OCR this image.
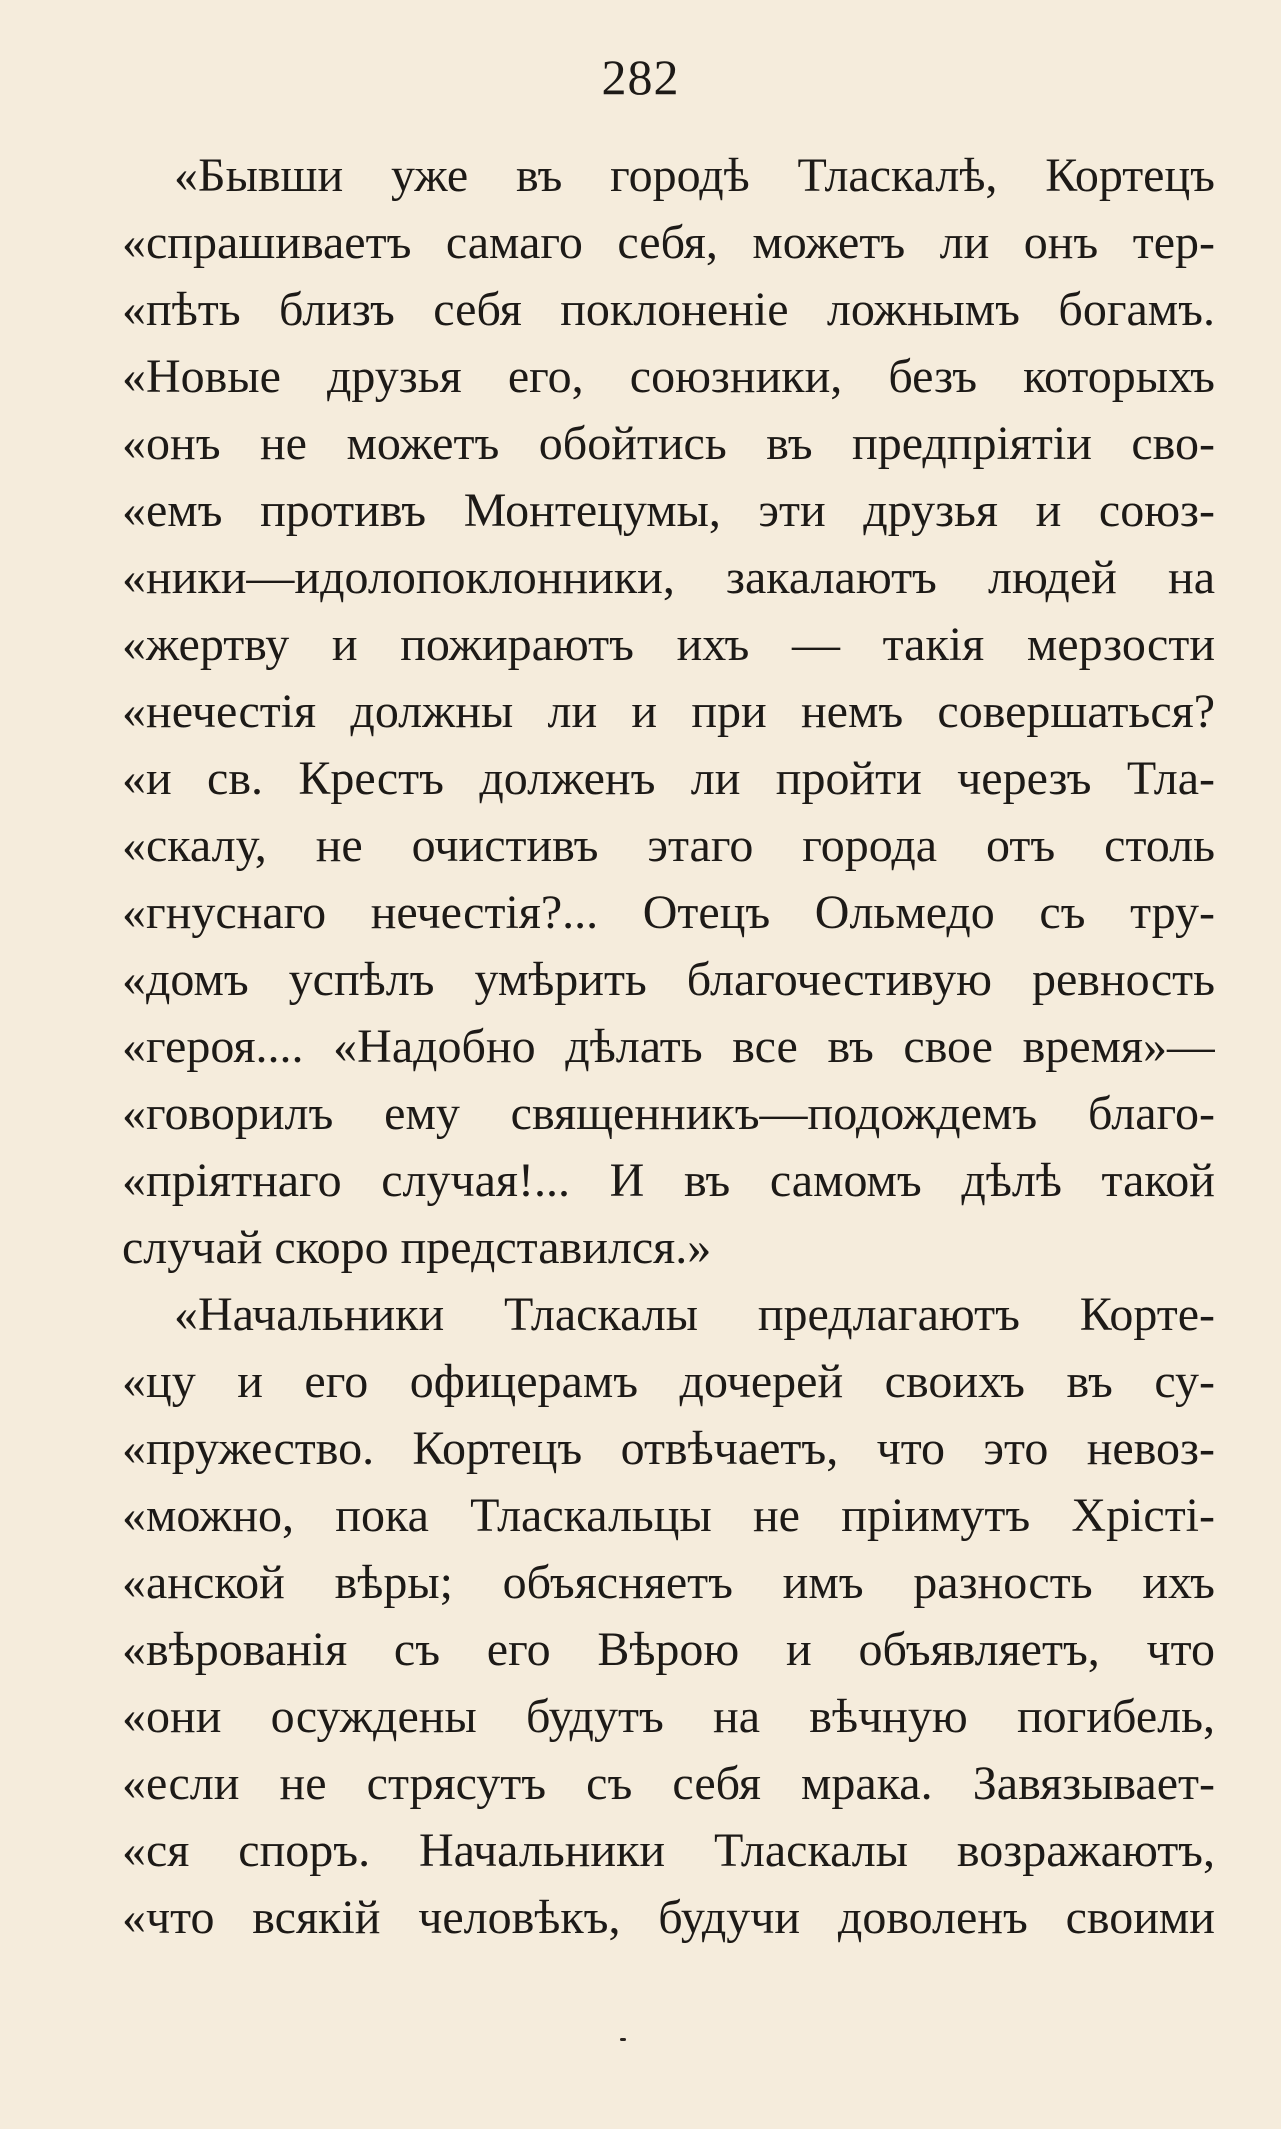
282
«Бывши уже въ городѣ Тласкалѣ, Кортецъ
«спрашиваетъ самаго себя, можетъ ли онъ тер-
«пѣть близъ себя поклоненіе ложнымъ богамъ.
«Новые друзья его, союзники, безъ которыхъ
«онъ не можетъ обойтись въ предпріятіи сво-
«емъ противъ Монтецумы, эти друзья и союз-
«ники—идолопоклонники, закалаютъ людей на
«жертву и пожираютъ ихъ — такія мерзости
«нечестія должны ли и при немъ совершаться?
«и св. Крестъ долженъ ли пройти черезъ Тла-
«скалу, не очистивъ этаго города отъ столь
«гнуснаго нечестія?... Отецъ Ольмедо съ тру-
«домъ успѣлъ умѣрить благочестивую ревность
«героя.... «Надобно дѣлать все въ свое время»—
«говорилъ ему священникъ—подождемъ благо-
«пріятнаго случая!... И въ самомъ дѣлѣ такой
случай скоро представился.»
«Начальники Тласкалы предлагаютъ Корте-
«цу и его офицерамъ дочерей своихъ въ су-
«пружество. Кортецъ отвѣчаетъ, что это невоз-
«можно, пока Тласкальцы не пріимутъ Хрісті-
«анской вѣры; объясняетъ имъ разность ихъ
«вѣрованія съ его Вѣрою и объявляетъ, что
«они осуждены будутъ на вѣчную погибель,
«если не стрясутъ съ себя мрака. Завязывает-
«ся споръ. Начальники Тласкалы возражаютъ,
«что всякій человѣкъ, будучи доволенъ своими
